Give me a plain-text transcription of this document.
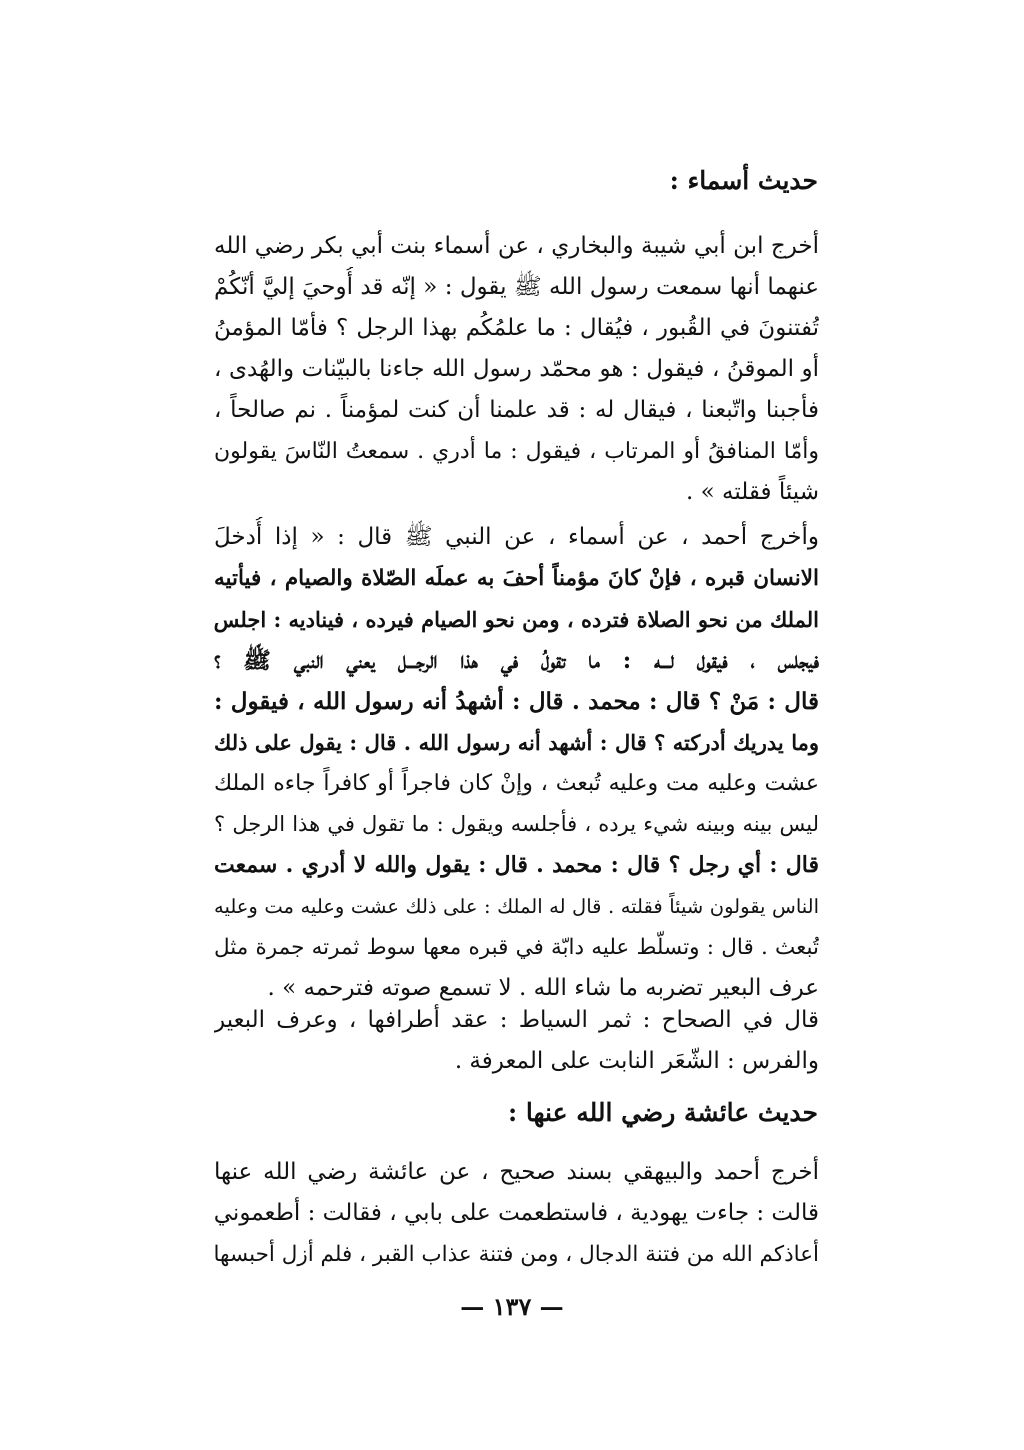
حديث أسماء :
أخرج ابن أبي شيبة والبخاري ، عن أسماء بنت أبي بكر رضي الله
عنهما أنها سمعت رسول الله ﷺ يقول : « إنّه قد أُوحيَ إليَّ أنّكُمْ
تُفتنونَ في القُبور ، فيُقال : ما علمُكُم بهذا الرجل ؟ فأمّا المؤمنُ
أو الموقنُ ، فيقول : هو محمّد رسول الله جاءنا بالبيّنات والهُدى ،
فأجبنا واتّبعنا ، فيقال له : قد علمنا أن كنت لمؤمناً . نم صالحاً ،
وأمّا المنافقُ أو المرتاب ، فيقول : ما أدري . سمعتُ النّاسَ يقولون
شيئاً فقلته » .
وأخرج أحمد ، عن أسماء ، عن النبي ﷺ قال : « إذا أُدخلَ
الانسان قبره ، فإنْ كانَ مؤمناً أحفَ به عملَه الصّلاة والصيام ، فيأتيه
الملك من نحو الصلاة فترده ، ومن نحو الصيام فيرده ، فيناديه : اجلس
فيجلس ، فيقول لـــه : ما تقولُ في هذا الرجـــل يعني النبي ﷺ ؟
قال : مَنْ ؟ قال : محمد . قال : أشهدُ أنه رسول الله ، فيقول :
وما يدريك أدركته ؟ قال : أشهد أنه رسول الله . قال : يقول على ذلك
عشت وعليه مت وعليه تُبعث ، وإنْ كان فاجراً أو كافراً جاءه الملك
ليس بينه وبينه شيء يرده ، فأجلسه ويقول : ما تقول في هذا الرجل ؟
قال : أي رجل ؟ قال : محمد . قال : يقول والله لا أدري . سمعت
الناس يقولون شيئاً فقلته . قال له الملك : على ذلك عشت وعليه مت وعليه
تُبعث . قال : وتسلّط عليه دابّة في قبره معها سوط ثمرته جمرة مثل
عرف البعير تضربه ما شاء الله . لا تسمع صوته فترحمه » .
قال في الصحاح : ثمر السياط : عقد أطرافها ، وعرف البعير
والفرس : الشّعَر النابت على المعرفة .
حديث عائشة رضي الله عنها :
أخرج أحمد والبيهقي بسند صحيح ، عن عائشة رضي الله عنها
قالت : جاءت يهودية ، فاستطعمت على بابي ، فقالت : أطعموني
أعاذكم الله من فتنة الدجال ، ومن فتنة عذاب القبر ، فلم أزل أحبسها
— ١٣٧ —
